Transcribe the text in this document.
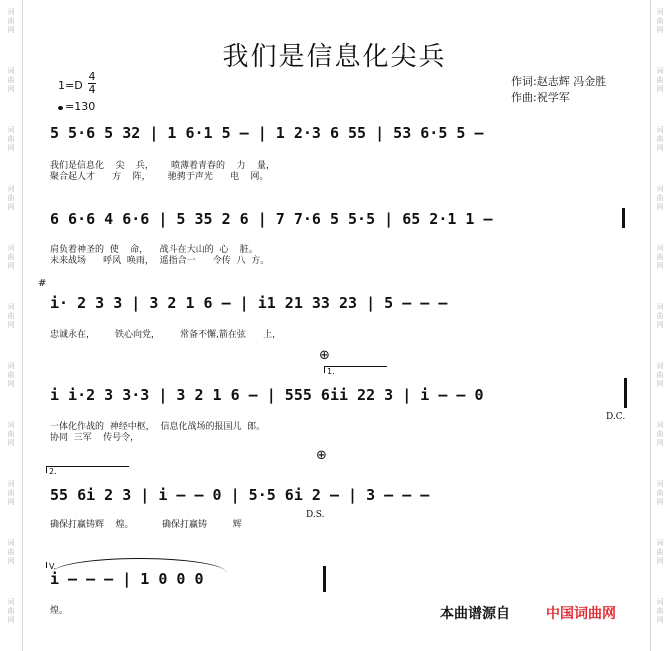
词
曲
网
词
曲
网
词
曲
网
词
曲
网
词
曲
网
词
曲
网
词
曲
网
词
曲
网
词
曲
网
词
曲
网
词
曲
网
词
曲
网
词
曲
网
词
曲
网
词
曲
网
词
曲
网
词
曲
网
词
曲
网
词
曲
网
词
曲
网
词
曲
网
词
曲
网
我们是信息化尖兵
作词:赵志辉 冯金胜
作曲:祝学军
1=D
4
4
=130
5 5·6 5 32 | 1 6·1 5 – | 1 2·3 6 55 | 53 6·5 5 –
我们是信息化    尖    兵，      喷薄着青春的    力    量，
聚合起人才      方    阵，      驰骋于声光      电    网。
6 6·6 4 6·6 | 5 35 2 6 | 7 7·6 5 5·5 | 65 2·1 1 –
肩负着神圣的  使    命，    战斗在大山的  心    脏。
未来战场      呼风  唤雨，  遥指合一      令传  八  方。
#
i· 2 3 3 | 3 2 1 6 – | i1 21 33 23 | 5 – – –
忠诚永在，       铁心向党，       常备不懈,箭在弦      上，
⊕
1.
i i·2 3 3·3 | 3 2 1 6 – | 555 6ii 22 3 | i – – 0
一体化作战的  神经中枢，  信息化战场的报国儿  郎。
协同  三军    传号令，
D.C.
⊕
2.
55 6i 2 3 | i – – 0 | 5·5 6i 2 – | 3 – – –
D.S.
确保打赢铸辉    煌。          确保打赢铸         辉
V.
i – – – | 1 0 0 0
煌。	本曲谱源自	中国词曲网
